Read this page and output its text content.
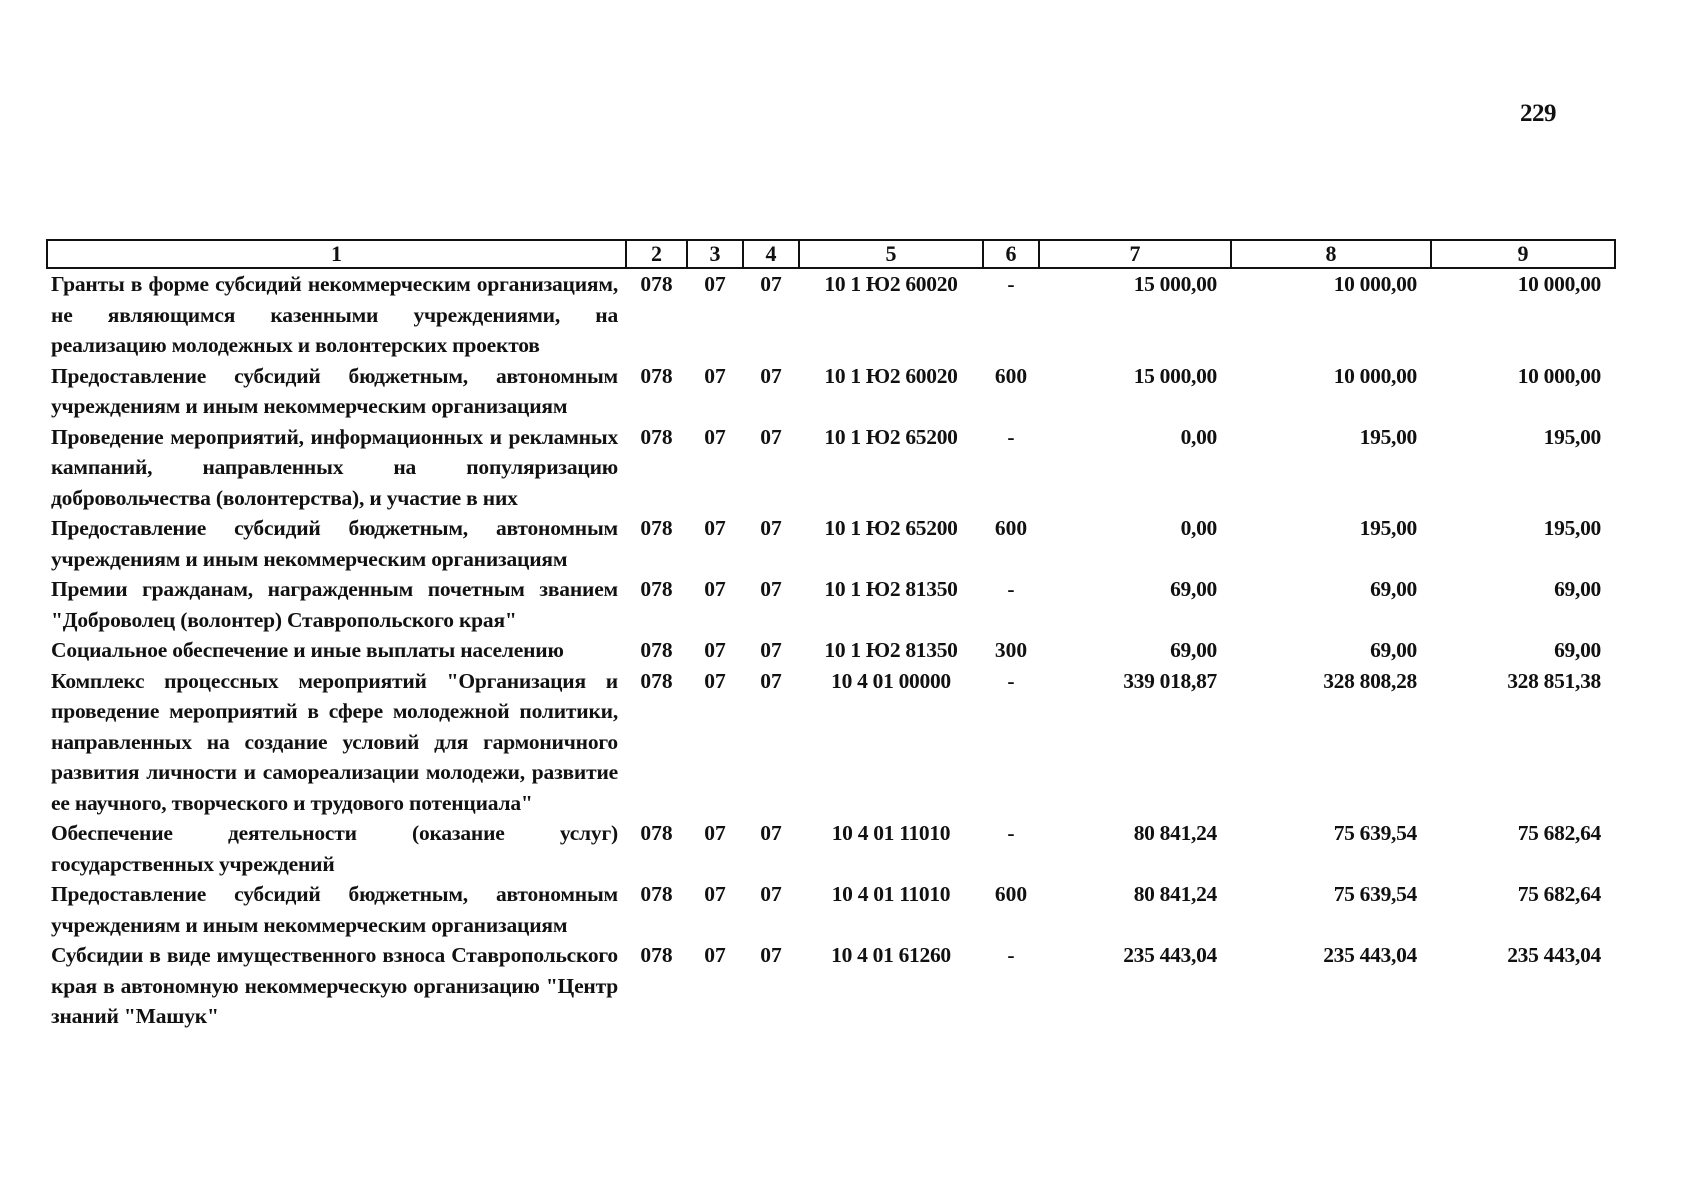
229
1	2	3	4	5	6	7	8	9
Гранты в форме субсидий некоммерческим организациям, не являющимся казенными учреждениями, на реализацию молодежных и волонтерских проектов	078	07	07	10 1 Ю2 60020	-	15 000,00	10 000,00	10 000,00
Предоставление субсидий бюджетным, автономным учреждениям и иным некоммерческим организациям	078	07	07	10 1 Ю2 60020	600	15 000,00	10 000,00	10 000,00
Проведение мероприятий, информационных и рекламных кампаний, направленных на популяризацию добровольчества (волонтерства), и участие в них	078	07	07	10 1 Ю2 65200	-	0,00	195,00	195,00
Предоставление субсидий бюджетным, автономным учреждениям и иным некоммерческим организациям	078	07	07	10 1 Ю2 65200	600	0,00	195,00	195,00
Премии гражданам, награжденным почетным званием "Доброволец (волонтер) Ставропольского края"	078	07	07	10 1 Ю2 81350	-	69,00	69,00	69,00
Социальное обеспечение и иные выплаты населению	078	07	07	10 1 Ю2 81350	300	69,00	69,00	69,00
Комплекс процессных мероприятий "Организация и проведение мероприятий в сфере молодежной политики, направленных на создание условий для гармоничного развития личности и самореализации молодежи, развитие ее научного, творческого и трудового потенциала"	078	07	07	10 4 01 00000	-	339 018,87	328 808,28	328 851,38
Обеспечение деятельности (оказание услуг) государственных учреждений	078	07	07	10 4 01 11010	-	80 841,24	75 639,54	75 682,64
Предоставление субсидий бюджетным, автономным учреждениям и иным некоммерческим организациям	078	07	07	10 4 01 11010	600	80 841,24	75 639,54	75 682,64
Субсидии в виде имущественного взноса Ставропольского края в автономную некоммерческую организацию "Центр знаний "Машук"	078	07	07	10 4 01 61260	-	235 443,04	235 443,04	235 443,04
